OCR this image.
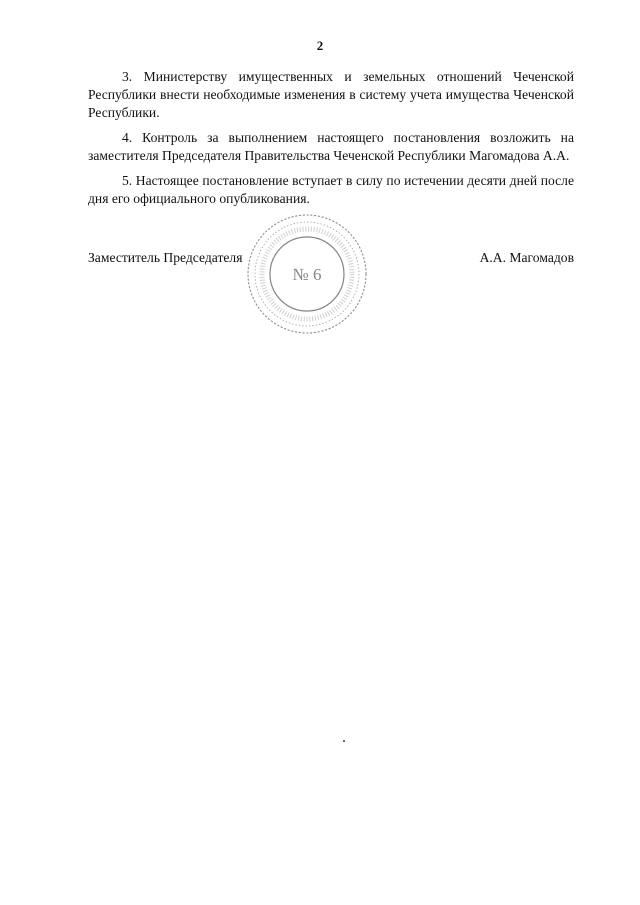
2

3. Министерству имущественных и земельных отношений Чеченской Республики внести необходимые изменения в систему учета имущества Чеченской Республики.

4. Контроль за выполнением настоящего постановления возложить на заместителя Председателя Правительства Чеченской Республики Магомадова А.А.

5. Настоящее постановление вступает в силу по истечении десяти дней после дня его официального опубликования.

Заместитель Председателя	А.А. Магомадов
№ 6
